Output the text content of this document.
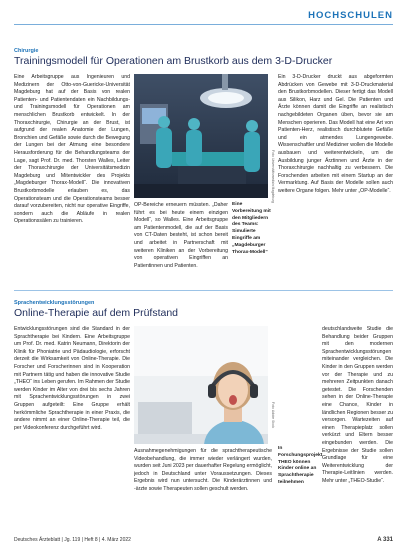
HOCHSCHULEN
Chirurgie
Trainingsmodell für Operationen am Brustkorb aus dem 3-D-Drucker

Eine Arbeitsgruppe aus Ingenieuren und Medizinern der Otto-von-Guericke-Universität Magdeburg hat auf der Basis von realen Patienten- und Patientendaten ein Nachbildungs- und Trainingsmodell für Operationen am menschlichen Brustkorb entwickelt. In der Thoraxchirurgie, Chirurgie an der Brust, ist aufgrund der realen Anatomie der Lungen, Bronchien und Gefäße sowie durch die Bewegung der Lungen bei der Atmung eine besondere Herausforderung für die Behandlungsteams der Lage, sagt Prof. Dr. med. Thorsten Walles, Leiter der Thoraxchirurgie der Universitätsmedizin Magdeburg und Mitentwickler des Projekts „Magdeburger Thorax-Modell“. Die innovativen Brustkorbmodelle erlauben es, das Operationsteam und die Operationsteams besser darauf vorzubereiten, nicht nur operative Eingriffe, sondern auch die Abläufe in realen Operationssälen zu trainieren.

Foto: Universitätsmedizin Magdeburg
Eine Vorbereitung mit den Mitgliedern des Teams: Simulierte Eingriffe am „Magdeburger Thorax-Modell“

OP-Bereiche erneuern müssten. „Daher führt es bei heute einem einzigen Modell“, so Walles. Eine Arbeitsgruppe am Patientenmodell, die auf der Basis von CT-Daten besteht, ist schon bereit und arbeitet in Partnerschaft mit weiteren Kliniken an der Vorbereitung von operativen Eingriffen an Patientinnen und Patienten.

Ein 3-D-Drucker druckt aus abgeformten Abdrücken von Gewebe mit 3-D-Druckmaterial den Brustkorbmodellen. Dieser fertigt das Modell aus Silikon, Harz und Gel. Die Patienten und Ärzte können damit die Eingriffe an realistisch nachgebildeten Organen üben, bevor sie am Menschen operieren. Das Modell hat eine Art von Patienten-Herz, realistisch durchblutete Gefäße und ein atmendes Lungengewebe. Wissenschaftler und Mediziner wollen die Modelle ausbauen und weiterentwickeln, um die Ausbildung junger Ärztinnen und Ärzte in der Thoraxchirurgie nachhaltig zu verbessern. Die Forschenden arbeiten mit einem Startup an der Vermarktung. Auf Basis der Modelle sollen auch weitere Organe folgen. Mehr unter „OP-Modelle“.

Sprachentwicklungsstörungen
Online-Therapie auf dem Prüfstand

Entwicklungsstörungen sind die Standard in der Sprachtherapie bei Kindern. Eine Arbeitsgruppe um Prof. Dr. med. Katrin Neumann, Direktorin der Klinik für Phoniatrie und Pädaudiologie, erforscht derzeit die Wirksamkeit von Online-Therapie. Die Forscher und Forscherinnen sind in Kooperation mit Partnern tätig und haben die innovative Studie „THEO“ ins Leben gerufen. Im Rahmen der Studie werden Kinder im Alter von drei bis sechs Jahren mit Sprachentwicklungsstörungen in zwei Gruppen aufgeteilt: Eine Gruppe erhält herkömmliche Sprachtherapie in einer Praxis, die andere nimmt an einer Online-Therapie teil, die per Videokonferenz durchgeführt wird.	Foto: Adobe Stock
In Forschungsprojekt THEO können Kinder online an Sprachtherapie teilnehmen

Ausnahmegenehmigungen für die sprachtherapeutische Videobehandlung, die immer wieder verlängert wurden, wurden seit Juni 2023 per dauerhafter Regelung ermöglicht, jedoch in Deutschland unter Voraussetzungen. Dieses Ergebnis wird nun untersucht. Die Kinderärztinnen und -ärzte sowie Therapeuten sollen geschult werden.

deutschlandweite Studie die Behandlung beider Gruppen mit den modernen Sprachentwicklungsstörungen miteinander vergleichen. Die Kinder in den Gruppen werden vor der Therapie und zu mehreren Zeitpunkten danach getestet. Die Forschenden sehen in der Online-Therapie eine Chance, Kinder in ländlichen Regionen besser zu versorgen. Wartezeiten auf einen Therapieplatz sollen verkürzt und Eltern besser eingebunden werden. Die Ergebnisse der Studie sollen Grundlage für eine Weiterentwicklung der Therapie-Leitlinien werden. Mehr unter „THEO-Studie“.

Deutsches Ärzteblatt | Jg. 119 | Heft 8 | 4. März 2022	A 331
